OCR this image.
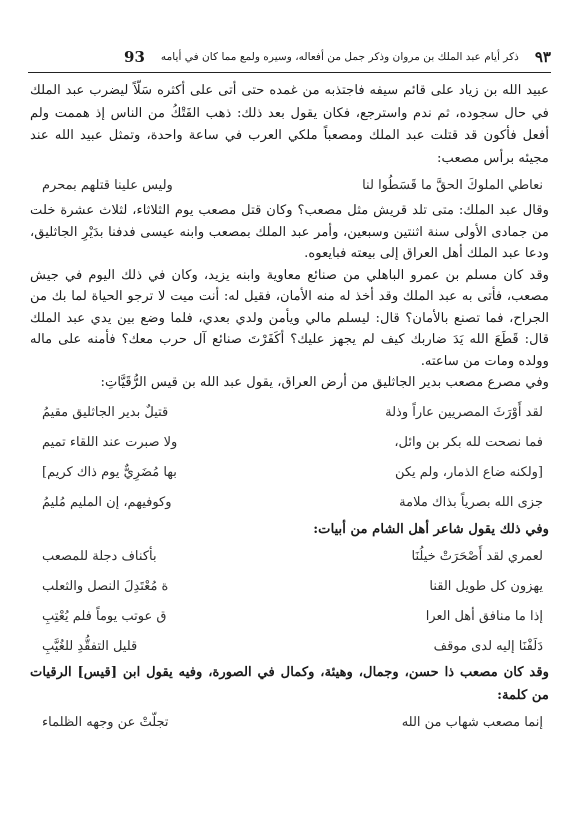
٩٣
ذكر أيام عبد الملك بن مروان وذكر جمل من أفعاله، وسيره ولمع مما كان في أيامه
93

عبيد الله بن زياد على قائم سيفه فاجتذبه من غمده حتى أتى على أكثره سَلّاً ليضرب عبد الملك في حال سجوده، ثم ندم واسترجع، فكان يقول بعد ذلك: ذهب الفَتْكُ من الناس إذ هممت ولم أفعل فأكون قد قتلت عبد الملك ومصعباً ملكي العرب في ساعة واحدة، وتمثل عبيد الله عند مجيئه برأس مصعب:

نعاطي الملوكَ الحقَّ ما قَسَطُوا لنا
وليس علينا قتلهم بمحرم

وقال عبد الملك: متى تلد قريش مثل مصعب؟ وكان قتل مصعب يوم الثلاثاء، لثلاث عشرة خلت من جمادى الأولى سنة اثنتين وسبعين، وأمر عبد الملك بمصعب وابنه عيسى فدفنا بدَيْرِ الجاثليق، ودعا عبد الملك أهل العراق إلى بيعته فبايعوه.

وقد كان مسلم بن عمرو الباهلي من صنائع معاوية وابنه يزيد، وكان في ذلك اليوم في جيش مصعب، فأتى به عبد الملك وقد أخذ له منه الأمان، فقيل له: أنت ميت لا ترجو الحياة لما بك من الجراح، فما تصنع بالأمان؟ قال: ليسلم مالي ويأمن ولدي بعدي، فلما وضع بين يدي عبد الملك قال: قَطَعَ الله يَدَ ضاربك كيف لم يجهز عليك؟ أكَفَرْتَ صنائع آل حرب معك؟ فأمنه على ماله وولده ومات من ساعته.

وفي مصرع مصعب بدير الجاثليق من أرض العراق، يقول عبد الله بن قيس الرُّقَيَّاتِ:

لقد أَوْرَثَ المصريين عاراً وذلة
قتيلٌ بدير الجاثليق مقيمُ
فما نصحت لله بكر بن وائل،
ولا صبرت عند اللقاء تميم
[ولكنه ضاع الذمار، ولم يكن
بها مُضَرِيٌّ يوم ذاك كريم]
جزى الله بصرياً بذاك ملامة
وكوفيهم، إن المليم مُليمُ

وفي ذلك يقول شاعر أهل الشام من أبيات:

لعمري لقد أَصْحَرَتْ خيلُنَا
بأكناف دجلة للمصعب
يهزون كل طويل القنا
ة مُعْتَدِلَ النصل والثعلب
إذا ما منافق أهل العرا
ق عوتب يوماً فلم يُعْتِبِ
دَلَفْنَا إليه لدى موقف
قليل التفقُّدِ للغُيَّبِ

وقد كان مصعب ذا حسن، وجمال، وهيئة، وكمال في الصورة، وفيه يقول ابن [قيس] الرقيات من كلمة:

إنما مصعب شهاب من الله
تجلّتْ عن وجهه الظلماء
